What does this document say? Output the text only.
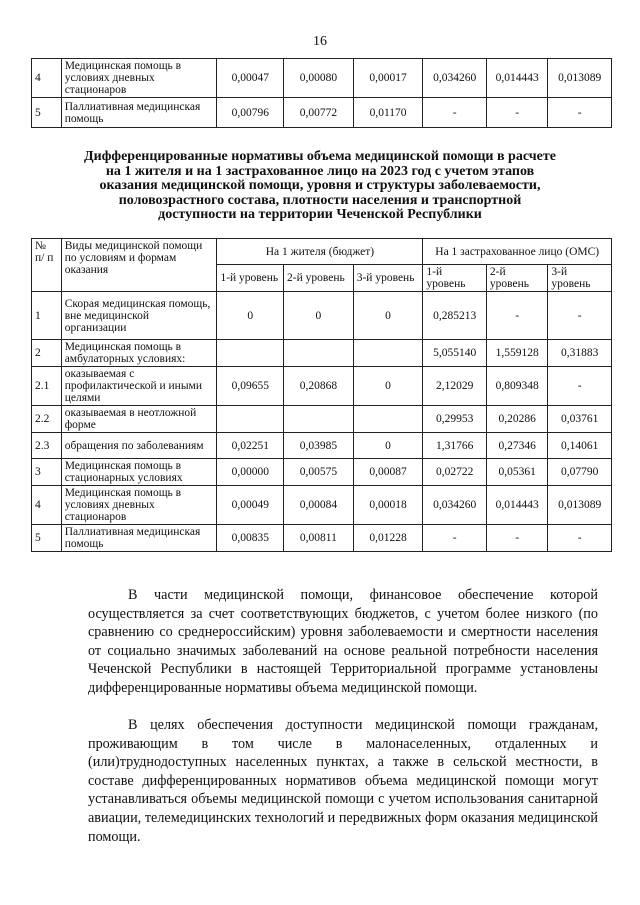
16
4	Медицинская помощь в условиях дневных стационаров	0,00047	0,00080	0,00017	0,034260	0,014443	0,013089
5	Паллиативная медицинская помощь	0,00796	0,00772	0,01170	-	-	-
Дифференцированные нормативы объема медицинской помощи в расчете на 1 жителя и на 1 застрахованное лицо на 2023 год с учетом этапов оказания медицинской помощи, уровня и структуры заболеваемости, половозрастного состава, плотности населения и транспортной доступности на территории Чеченской Республики
№ п/ п	Виды медицинской помощи по условиям и формам оказания	На 1 жителя (бюджет)			На 1 застрахованное лицо (ОМС)		
		1-й уровень	2-й уровень	3-й уровень	1-й уровень	2-й уровень	3-й уровень
1	Скорая медицинская помощь, вне медицинской организации	0	0	0	0,285213	-	-
2	Медицинская помощь в амбулаторных условиях:				5,055140	1,559128	0,31883
2.1	оказываемая с профилактической и иными целями	0,09655	0,20868	0	2,12029	0,809348	-
2.2	оказываемая в неотложной форме				0,29953	0,20286	0,03761
2.3	обращения по заболеваниям	0,02251	0,03985	0	1,31766	0,27346	0,14061
3	Медицинская помощь в стационарных условиях	0,00000	0,00575	0,00087	0,02722	0,05361	0,07790
4	Медицинская помощь в условиях дневных стационаров	0,00049	0,00084	0,00018	0,034260	0,014443	0,013089
5	Паллиативная медицинская помощь	0,00835	0,00811	0,01228	-	-	-
В части медицинской помощи, финансовое обеспечение которой осуществляется за счет соответствующих бюджетов, с учетом более низкого (по сравнению со среднероссийским) уровня заболеваемости и смертности населения от социально значимых заболеваний на основе реальной потребности населения Чеченской Республики в настоящей Территориальной программе установлены дифференцированные нормативы объема медицинской помощи.
В целях обеспечения доступности медицинской помощи гражданам, проживающим в том числе в малонаселенных, отдаленных и (или)труднодоступных населенных пунктах, а также в сельской местности, в составе дифференцированных нормативов объема медицинской помощи могут устанавливаться объемы медицинской помощи с учетом использования санитарной авиации, телемедицинских технологий и передвижных форм оказания медицинской помощи.
